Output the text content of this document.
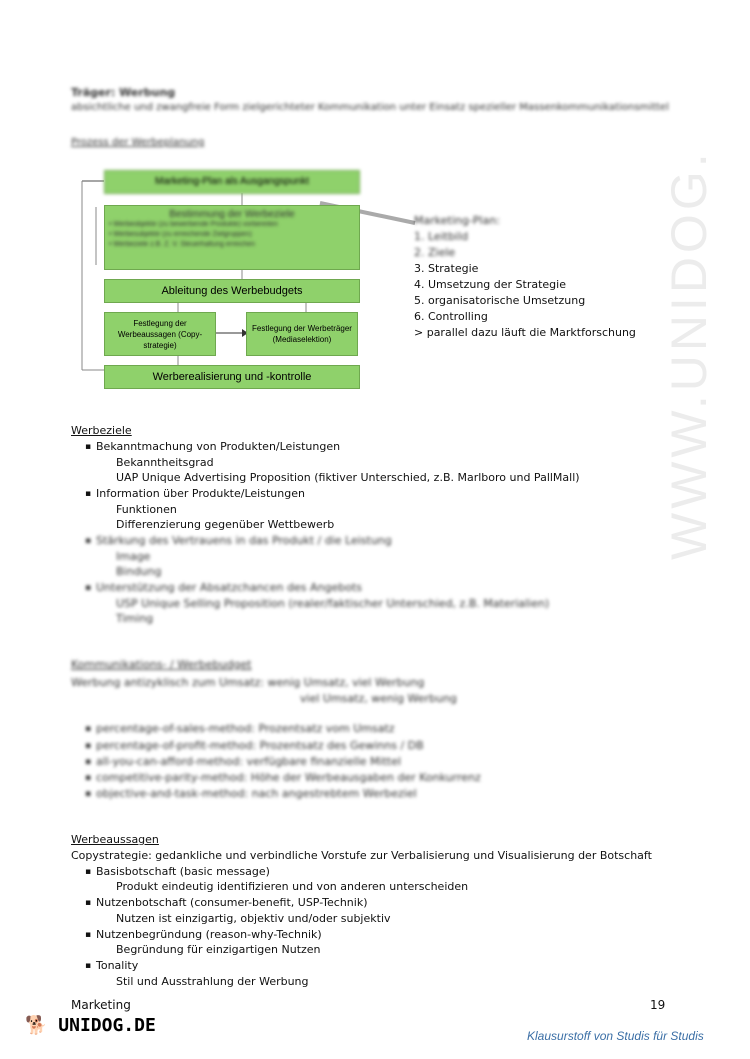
WWW.UNIDOG.
Träger: Werbung
absichtliche und zwangfreie Form zielgerichteter Kommunikation unter Einsatz spezieller Massenkommunikationsmittel
Prozess der Werbeplanung
Marketing-Plan als Ausgangspunkt
Bestimmung der Werbeziele
• Werbeobjekte (zu bewerbende Produkte) vorbereiten
• Werbesubjekte (zu erreichende Zielgruppen)
• Werbeziele z.B. Z. V. Steuerhaltung erreichen
Ableitung des Werbebudgets
Festlegung der Werbeaussagen (Copy-strategie)
Festlegung der Werbeträger (Mediaselektion)
Werberealisierung und -kontrolle
Marketing-Plan:
1. Leitbild
2. Ziele
3. Strategie
4. Umsetzung der Strategie
5. organisatorische Umsetzung
6. Controlling
> parallel dazu läuft die Marktforschung
Werbeziele
▪ Bekanntmachung von Produkten/Leistungen
Bekanntheitsgrad
UAP Unique Advertising Proposition (fiktiver Unterschied, z.B. Marlboro und PallMall)
▪ Information über Produkte/Leistungen
Funktionen
Differenzierung gegenüber Wettbewerb
▪ Stärkung des Vertrauens in das Produkt / die Leistung
Image
Bindung
▪ Unterstützung der Absatzchancen des Angebots
USP Unique Selling Proposition (realer/faktischer Unterschied, z.B. Materialien)
Timing
Kommunikations- / Werbebudget
Werbung antizyklisch zum Umsatz: wenig Umsatz, viel Werbung
viel Umsatz, wenig Werbung
▪ percentage-of-sales-method: Prozentsatz vom Umsatz
▪ percentage-of-profit-method: Prozentsatz des Gewinns / DB
▪ all-you-can-afford-method: verfügbare finanzielle Mittel
▪ competitive-parity-method: Höhe der Werbeausgaben der Konkurrenz
▪ objective-and-task-method: nach angestrebtem Werbeziel
Werbeaussagen
Copystrategie: gedankliche und verbindliche Vorstufe zur Verbalisierung und Visualisierung der Botschaft
▪ Basisbotschaft (basic message)
Produkt eindeutig identifizieren und von anderen unterscheiden
▪ Nutzenbotschaft (consumer-benefit, USP-Technik)
Nutzen ist einzigartig, objektiv und/oder subjektiv
▪ Nutzenbegründung (reason-why-Technik)
Begründung für einzigartigen Nutzen
▪ Tonality
Stil und Ausstrahlung der Werbung
Marketing	19
🐕 UNIDOG.DE	Klausurstoff von Studis für Studis
